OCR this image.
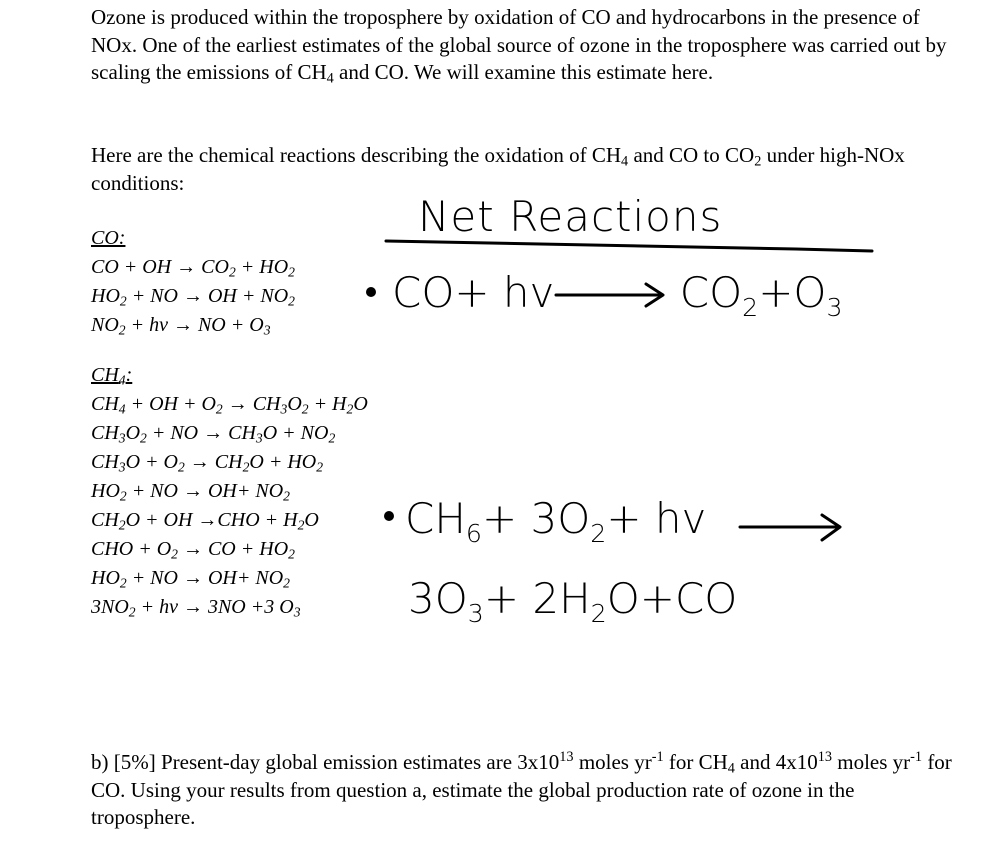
Ozone is produced within the troposphere by oxidation of CO and hydrocarbons in the presence of NOx. One of the earliest estimates of the global source of ozone in the troposphere was carried out by scaling the emissions of $CH_4$ and CO. We will examine this estimate here.

Here are the chemical reactions describing the oxidation of $CH_4$ and CO to $CO_2$ under high-NOx conditions:

CO:
CO + OH → $CO_2 + HO_2$
$HO_2$ + NO → OH + $NO_2$
$NO_2$ + hv → NO + $O_3$
$CH_4$:
$CH_4$ + OH + $O_2 \to CH_3O_2 + H_2O$
$CH_3O_2$ + NO → $CH_3O + NO_2$
$CH_3O + O_2 \to CH_2O + HO_2$
$HO_2$ + NO → $OH+ NO_2$
$CH_2O$ + OH $\to CHO + H_2O$
CHO + $O_2$ → CO + $HO_2$
$HO_2$ + NO → $OH+ NO_2$
$3NO_2$ + hv → 3NO +3 $O_3$
Net Reactions
CO+ hv	$CO_2+O_3$
$CH_6+ 3O_2+$ hv
$3O_3+ 2H_2O+CO$

b) [5%] Present-day global emission estimates are $3x10^{13}$ moles $yr^{-1}$ for $CH_4$ and $4x10^{13}$ moles $yr^{-1}$ for CO. Using your results from question a, estimate the global production rate of ozone in the troposphere.
